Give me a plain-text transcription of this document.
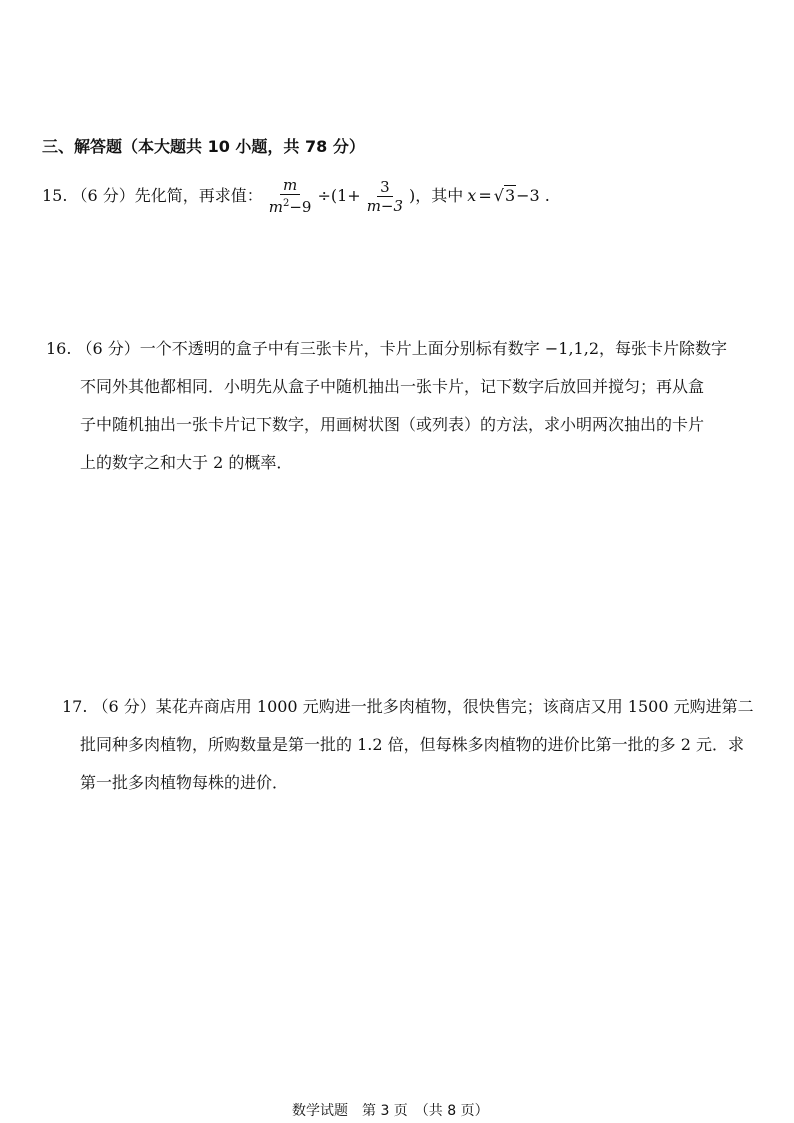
三、解答题（本大题共 10 小题，共 78 分）
15. （6 分）先化简，再求值： $\frac{m}{m^2-9} \div(1+ \frac{3}{m-3}$ )，其中 x = √3 −3 .
16. （6 分）一个不透明的盒子中有三张卡片，卡片上面分别标有数字 −1,1,2，每张卡片除数字
不同外其他都相同．小明先从盒子中随机抽出一张卡片，记下数字后放回并搅匀；再从盒
子中随机抽出一张卡片记下数字，用画树状图（或列表）的方法，求小明两次抽出的卡片
上的数字之和大于 2 的概率．
17. （6 分）某花卉商店用 1000 元购进一批多肉植物，很快售完；该商店又用 1500 元购进第二
批同种多肉植物，所购数量是第一批的 1.2 倍，但每株多肉植物的进价比第一批的多 2 元．求
第一批多肉植物每株的进价．
数学试题　第 3 页　（共 8 页）
